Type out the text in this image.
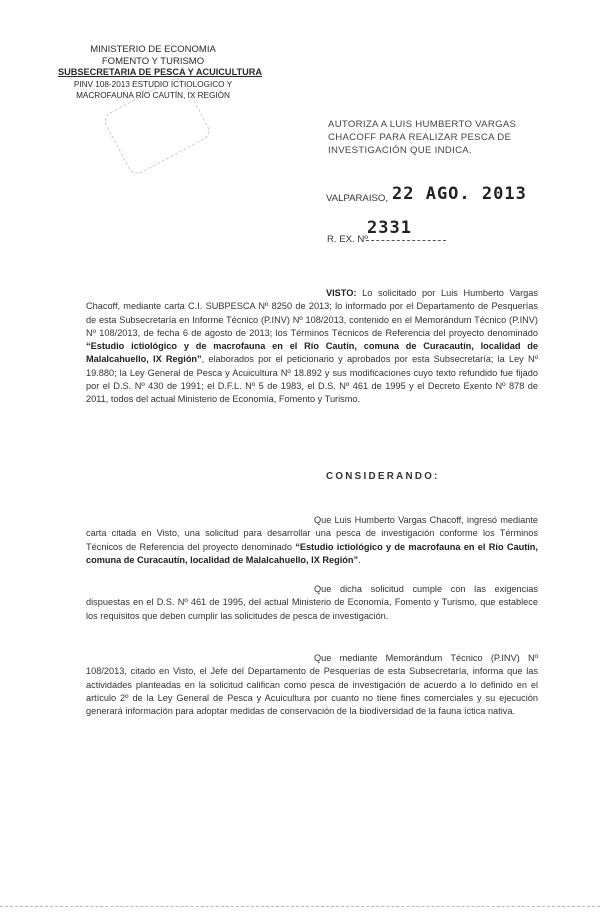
MINISTERIO DE ECONOMIA
FOMENTO Y TURISMO
SUBSECRETARIA DE PESCA Y ACUICULTURA
PINV 108-2013 ESTUDIO ICTIOLOGICO Y
MACROFAUNA RÍO CAUTÍN, IX REGIÓN
AUTORIZA A LUIS HUMBERTO VARGAS CHACOFF PARA REALIZAR PESCA DE INVESTIGACIÓN QUE INDICA.
VALPARAISO, 22 AGO. 2013
R. EX. Nº
2331

VISTO: Lo solicitado por Luis Humberto Vargas Chacoff, mediante carta C.I. SUBPESCA Nº 8250 de 2013; lo informado por el Departamento de Pesquerías de esta Subsecretaría en Informe Técnico (P.INV) Nº 108/2013, contenido en el Memorándum Técnico (P.INV) Nº 108/2013, de fecha 6 de agosto de 2013; los Términos Técnicos de Referencia del proyecto denominado “Estudio ictiológico y de macrofauna en el Río Cautín, comuna de Curacautín, localidad de Malalcahuello, IX Región”, elaborados por el peticionario y aprobados por esta Subsecretaría; la Ley Nº 19.880; la Ley General de Pesca y Acuicultura Nº 18.892 y sus modificaciones cuyo texto refundido fue fijado por el D.S. Nº 430 de 1991; el D.F.L. Nº 5 de 1983, el D.S. Nº 461 de 1995 y el Decreto Exento Nº 878 de 2011, todos del actual Ministerio de Economía, Fomento y Turismo.

CONSIDERANDO:

Que Luis Humberto Vargas Chacoff, ingresó mediante carta citada en Visto, una solicitud para desarrollar una pesca de investigación conforme los Términos Técnicos de Referencia del proyecto denominado “Estudio ictiológico y de macrofauna en el Río Cautín, comuna de Curacautín, localidad de Malalcahuello, IX Región”.

Que dicha solicitud cumple con las exigencias dispuestas en el D.S. Nº 461 de 1995, del actual Ministerio de Economía, Fomento y Turismo, que establece los requisitos que deben cumplir las solicitudes de pesca de investigación.

Que mediante Memorándum Técnico (P.INV) Nº 108/2013, citado en Visto, el Jefe del Departamento de Pesquerías de esta Subsecretaría, informa que las actividades planteadas en la solicitud califican como pesca de investigación de acuerdo a lo definido en el artículo 2º de la Ley General de Pesca y Acuicultura por cuanto no tiene fines comerciales y su ejecución generará información para adoptar medidas de conservación de la biodiversidad de la fauna íctica nativa.
